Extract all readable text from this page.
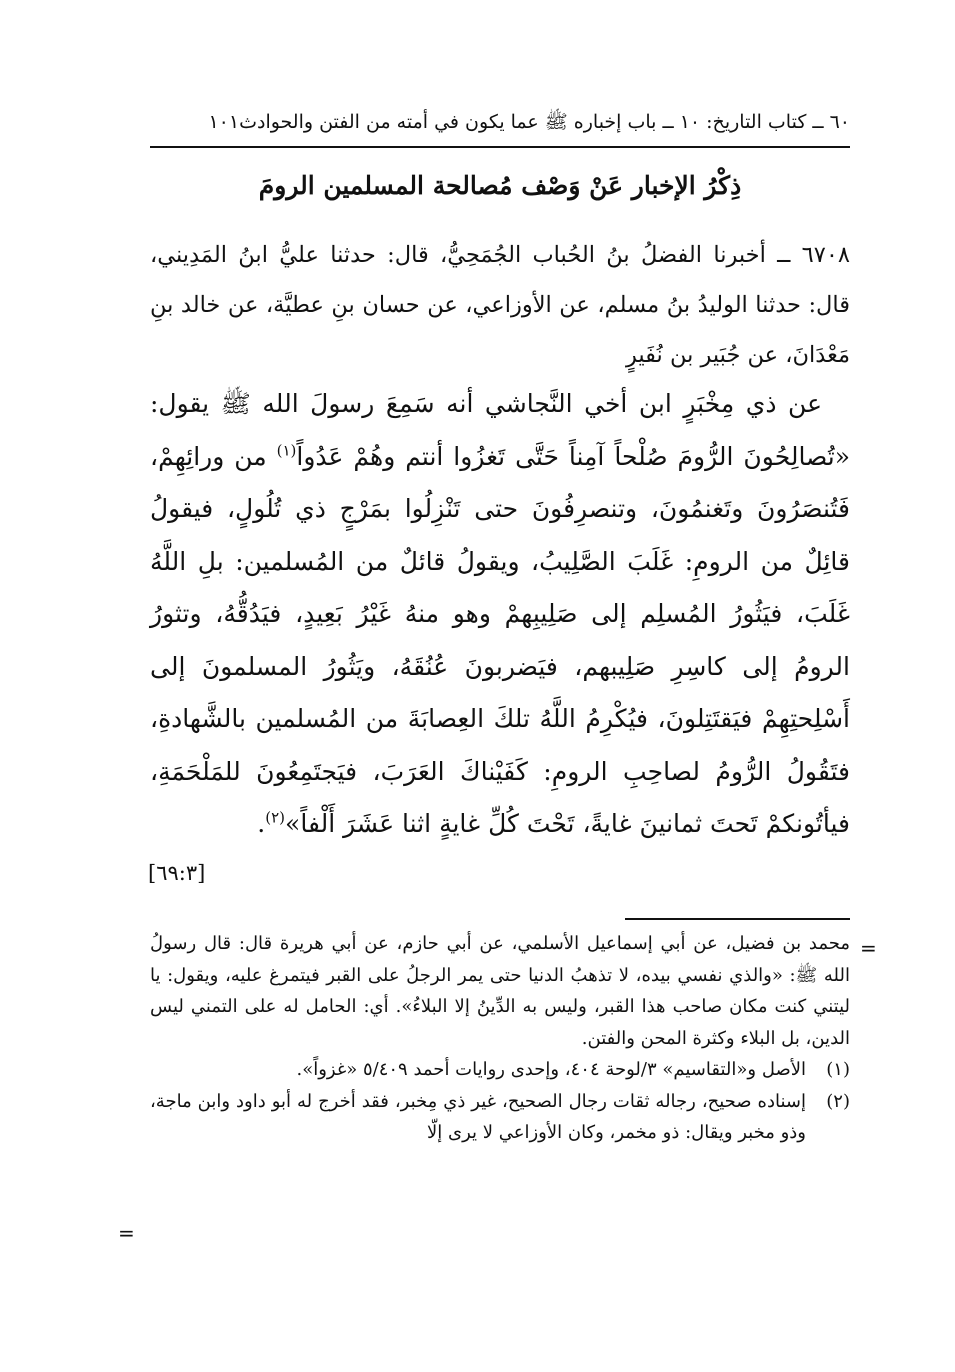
٦٠ ــ كتاب التاريخ: ١٠ ــ باب إخباره ﷺ عما يكون في أمته من الفتن والحوادث١٠١
ذِكْرُ الإخبار عَنْ وَصْف مُصالحة المسلمين الرومَ

٦٧٠٨ ــ أخبرنا الفضلُ بنُ الحُباب الجُمَحِيُّ، قال: حدثنا عليُّ ابنُ المَدِيني، قال: حدثنا الوليدُ بنُ مسلم، عن الأوزاعي، عن حسان بنِ عطيَّة، عن خالد بنِ مَعْدَانَ، عن جُبَير بن نُفَيرٍ

عن ذي مِخْبَرٍ ابن أخي النَّجاشي أنه سَمِعَ رسولَ الله ﷺ يقول: «تُصالِحُونَ الرُّومَ صُلْحاً آمِناً حَتَّى تَغزُوا أنتم وهُمْ عَدُواً$^{(١)}$ من ورائِهِمْ، فَتُنصَرُونَ وتَغنمُونَ، وتنصرِفُونَ حتى تَنْزِلُوا بمَرْجٍ ذي تُلُولٍ، فيقولُ قائِلٌ من الرومِ: غَلَبَ الصَّلِيبُ، ويقولُ قائلٌ من المُسلمين: بلِ اللَّهُ غَلَبَ، فيَثُورُ المُسلِم إلى صَلِيبِهمْ وهو منهُ غَيْرُ بَعِيدٍ، فيَدُقُّهُ، وتثورُ الرومُ إلى كاسِرِ صَلِيبهم، فيَضربونَ عُنُقَهُ، ويَثُورُ المسلمونَ إلى أَسْلِحتِهِمْ فيَقتَتِلونَ، فيُكْرِمُ اللَّهُ تلكَ العِصابَةَ من المُسلمين بالشَّهادةِ، فتَقُولُ الرُّومُ لصاحِبِ الرومِ: كَفَيْناكَ العَرَبَ، فيَجتَمِعُونَ للمَلْحَمَةِ، فيأتُونكمْ تَحتَ ثمانينَ غايةً، تَحْتَ كُلِّ غايةٍ اثنا عَشَرَ أَلْفاً»$^{(٢)}$.

[٦٩:٣]
=

محمد بن فضيل، عن أبي إسماعيل الأسلمي، عن أبي حازم، عن أبي هريرة قال: قال رسولُ الله ﷺ: «والذي نفسي بيده، لا تذهبُ الدنيا حتى يمر الرجلُ على القبر فيتمرغ عليه، ويقول: يا ليتني كنت مكان صاحب هذا القبر، وليس به الدِّينُ إلا البلاءُ». أي: الحامل له على التمني ليس الدين، بل البلاء وكثرة المحن والفتن.

(١)
الأصل و«التقاسيم» ٣/لوحة ٤٠٤، وإحدى روايات أحمد ٥/٤٠٩ «غزواً».
(٢)
إسناده صحيح، رجاله ثقات رجال الصحيح، غير ذي مِخبر، فقد أخرج له أبو داود وابن ماجة، وذو مخبر ويقال: ذو مخمر، وكان الأوزاعي لا يرى إلّا
=
